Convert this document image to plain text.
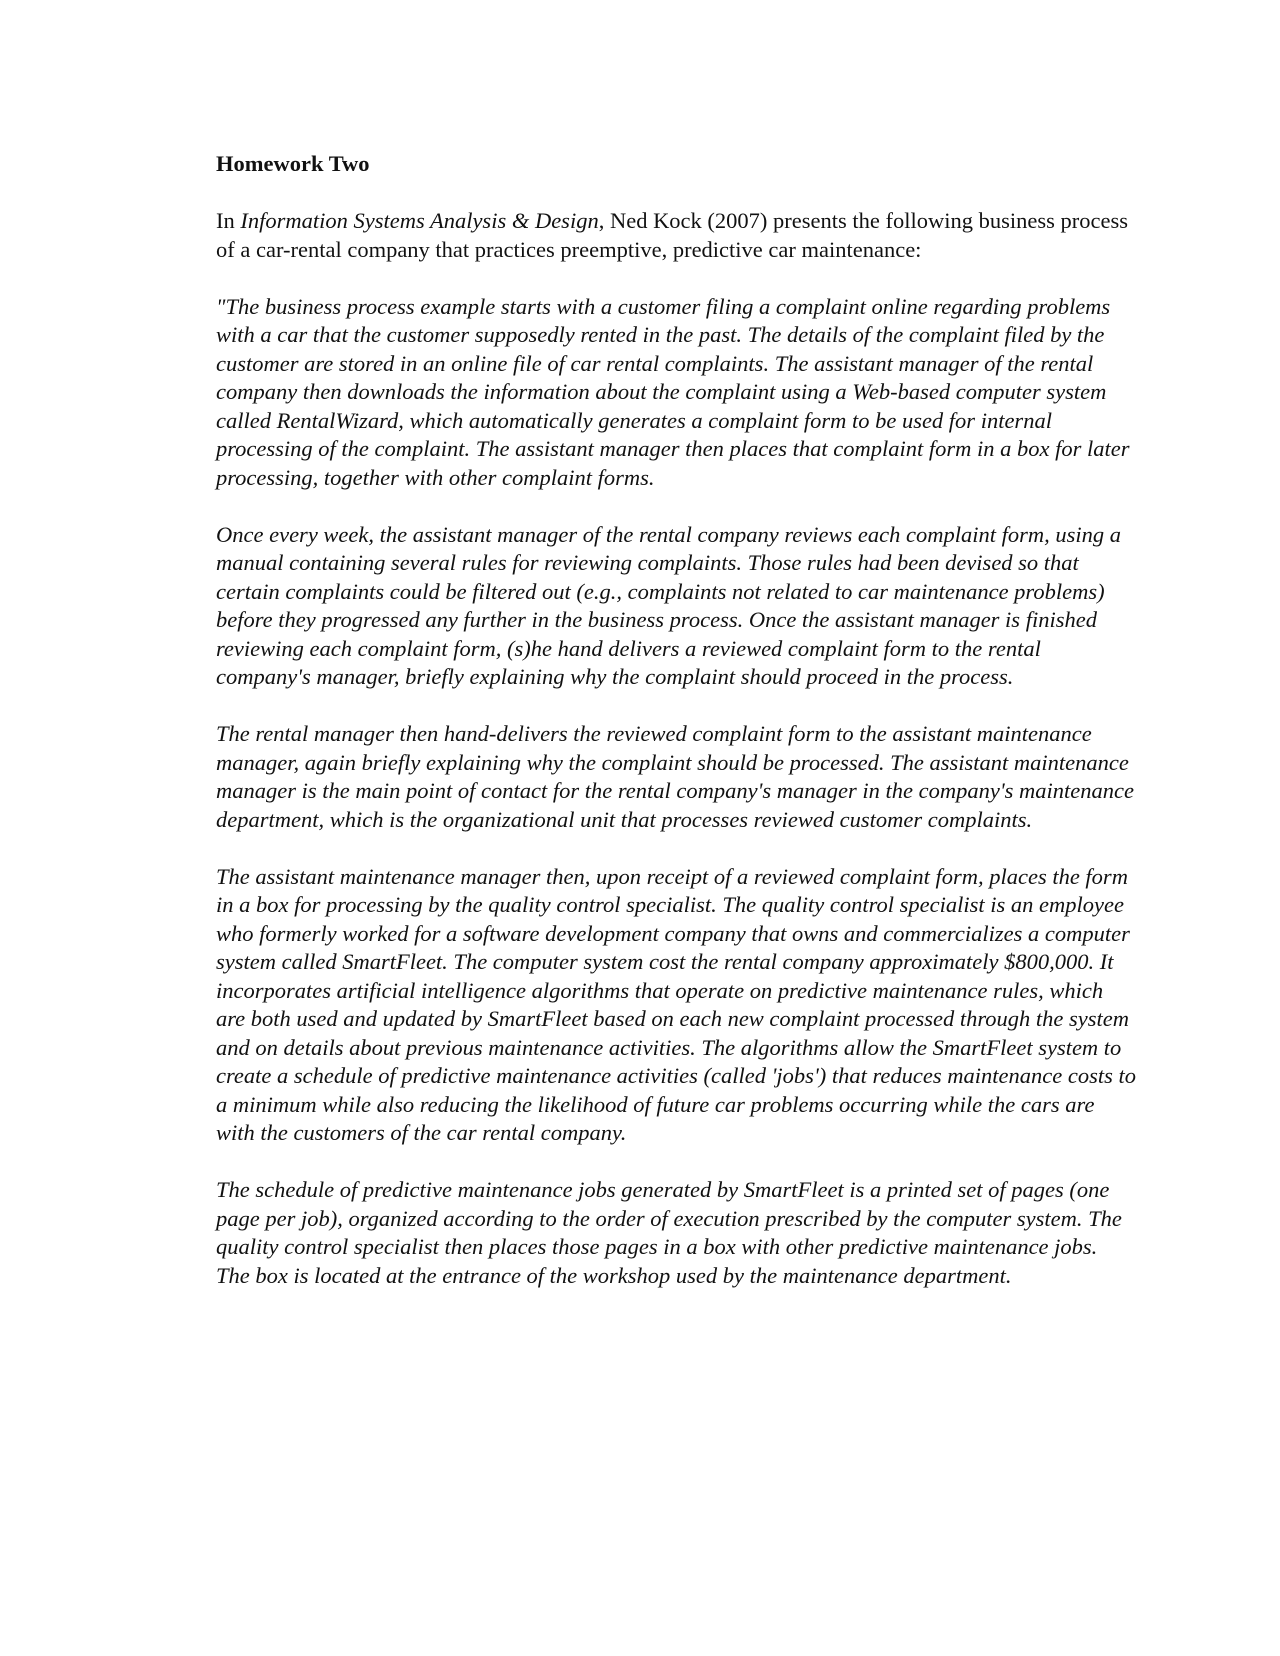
Homework Two

In Information Systems Analysis & Design, Ned Kock (2007) presents the following business process of a car-rental company that practices preemptive, predictive car maintenance:

"The business process example starts with a customer filing a complaint online regarding problems with a car that the customer supposedly rented in the past. The details of the complaint filed by the customer are stored in an online file of car rental complaints. The assistant manager of the rental company then downloads the information about the complaint using a Web-based computer system called RentalWizard, which automatically generates a complaint form to be used for internal processing of the complaint. The assistant manager then places that complaint form in a box for later processing, together with other complaint forms.

Once every week, the assistant manager of the rental company reviews each complaint form, using a manual containing several rules for reviewing complaints. Those rules had been devised so that certain complaints could be filtered out (e.g., complaints not related to car maintenance problems) before they progressed any further in the business process. Once the assistant manager is finished reviewing each complaint form, (s)he hand delivers a reviewed complaint form to the rental company's manager, briefly explaining why the complaint should proceed in the process.

The rental manager then hand-delivers the reviewed complaint form to the assistant maintenance manager, again briefly explaining why the complaint should be processed. The assistant maintenance manager is the main point of contact for the rental company's manager in the company's maintenance department, which is the organizational unit that processes reviewed customer complaints.

The assistant maintenance manager then, upon receipt of a reviewed complaint form, places the form in a box for processing by the quality control specialist. The quality control specialist is an employee who formerly worked for a software development company that owns and commercializes a computer system called SmartFleet. The computer system cost the rental company approximately $800,000. It incorporates artificial intelligence algorithms that operate on predictive maintenance rules, which are both used and updated by SmartFleet based on each new complaint processed through the system and on details about previous maintenance activities. The algorithms allow the SmartFleet system to create a schedule of predictive maintenance activities (called 'jobs') that reduces maintenance costs to a minimum while also reducing the likelihood of future car problems occurring while the cars are with the customers of the car rental company.

The schedule of predictive maintenance jobs generated by SmartFleet is a printed set of pages (one page per job), organized according to the order of execution prescribed by the computer system. The quality control specialist then places those pages in a box with other predictive maintenance jobs. The box is located at the entrance of the workshop used by the maintenance department.
